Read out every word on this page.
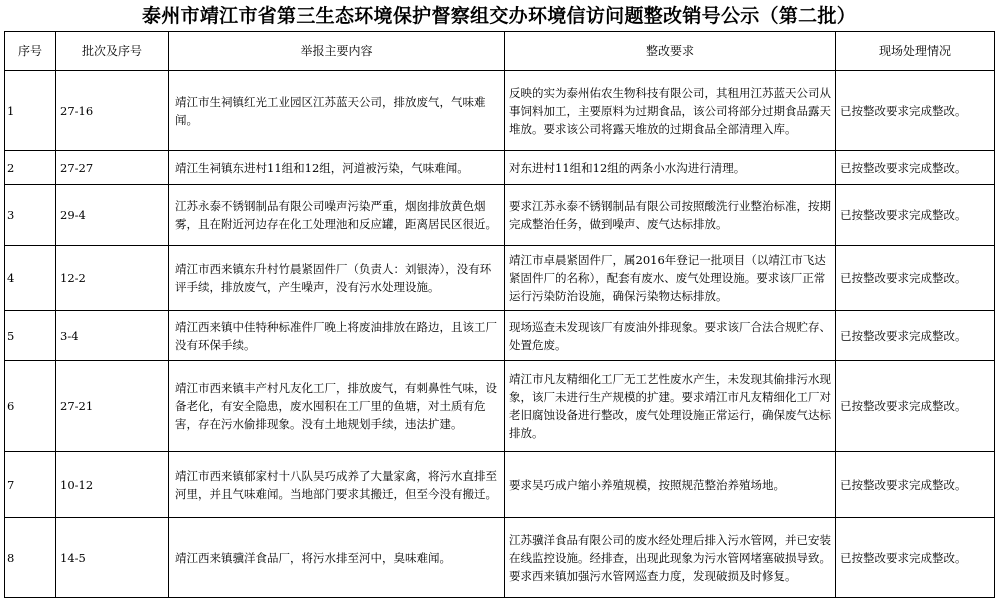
泰州市靖江市省第三生态环境保护督察组交办环境信访问题整改销号公示（第二批）
序号	批次及序号	举报主要内容	整改要求	现场处理情况
1	27-16	靖江市生祠镇红光工业园区江苏蓝天公司，排放废气，气味难闻。	反映的实为泰州佑农生物科技有限公司，其租用江苏蓝天公司从事饲料加工，主要原料为过期食品，该公司将部分过期食品露天堆放。要求该公司将露天堆放的过期食品全部清理入库。	已按整改要求完成整改。
2	27-27	靖江生祠镇东进村11组和12组，河道被污染，气味难闻。	对东进村11组和12组的两条小水沟进行清理。	已按整改要求完成整改。
3	29-4	江苏永泰不锈钢制品有限公司噪声污染严重，烟囱排放黄色烟雾，且在附近河边存在化工处理池和反应罐，距离居民区很近。	要求江苏永泰不锈钢制品有限公司按照酸洗行业整治标准，按期完成整治任务，做到噪声、废气达标排放。	已按整改要求完成整改。
4	12-2	靖江市西来镇东升村竹晨紧固件厂（负责人：刘银涛），没有环评手续，排放废气，产生噪声，没有污水处理设施。	靖江市卓晨紧固件厂，属2016年登记一批项目（以靖江市飞达紧固件厂的名称），配套有废水、废气处理设施。要求该厂正常运行污染防治设施，确保污染物达标排放。	已按整改要求完成整改。
5	3-4	靖江西来镇中佳特种标准件厂晚上将废油排放在路边，且该工厂没有环保手续。	现场巡查未发现该厂有废油外排现象。要求该厂合法合规贮存、处置危废。	已按整改要求完成整改。
6	27-21	靖江市西来镇丰产村凡友化工厂，排放废气，有刺鼻性气味，设备老化，有安全隐患，废水囤积在工厂里的鱼塘，对土质有危害，存在污水偷排现象。没有土地规划手续，违法扩建。	靖江市凡友精细化工厂无工艺性废水产生，未发现其偷排污水现象，该厂未进行生产规模的扩建。要求靖江市凡友精细化工厂对老旧腐蚀设备进行整改，废气处理设施正常运行，确保废气达标排放。	已按整改要求完成整改。
7	10-12	靖江市西来镇郁家村十八队吴巧成养了大量家禽，将污水直排至河里，并且气味难闻。当地部门要求其搬迁，但至今没有搬迁。	要求吴巧成户缩小养殖规模，按照规范整治养殖场地。	已按整改要求完成整改。
8	14-5	靖江西来镇骥洋食品厂，将污水排至河中，臭味难闻。	江苏骥洋食品有限公司的废水经处理后排入污水管网，并已安装在线监控设施。经排查，出现此现象为污水管网堵塞破损导致。要求西来镇加强污水管网巡查力度，发现破损及时修复。	已按整改要求完成整改。
